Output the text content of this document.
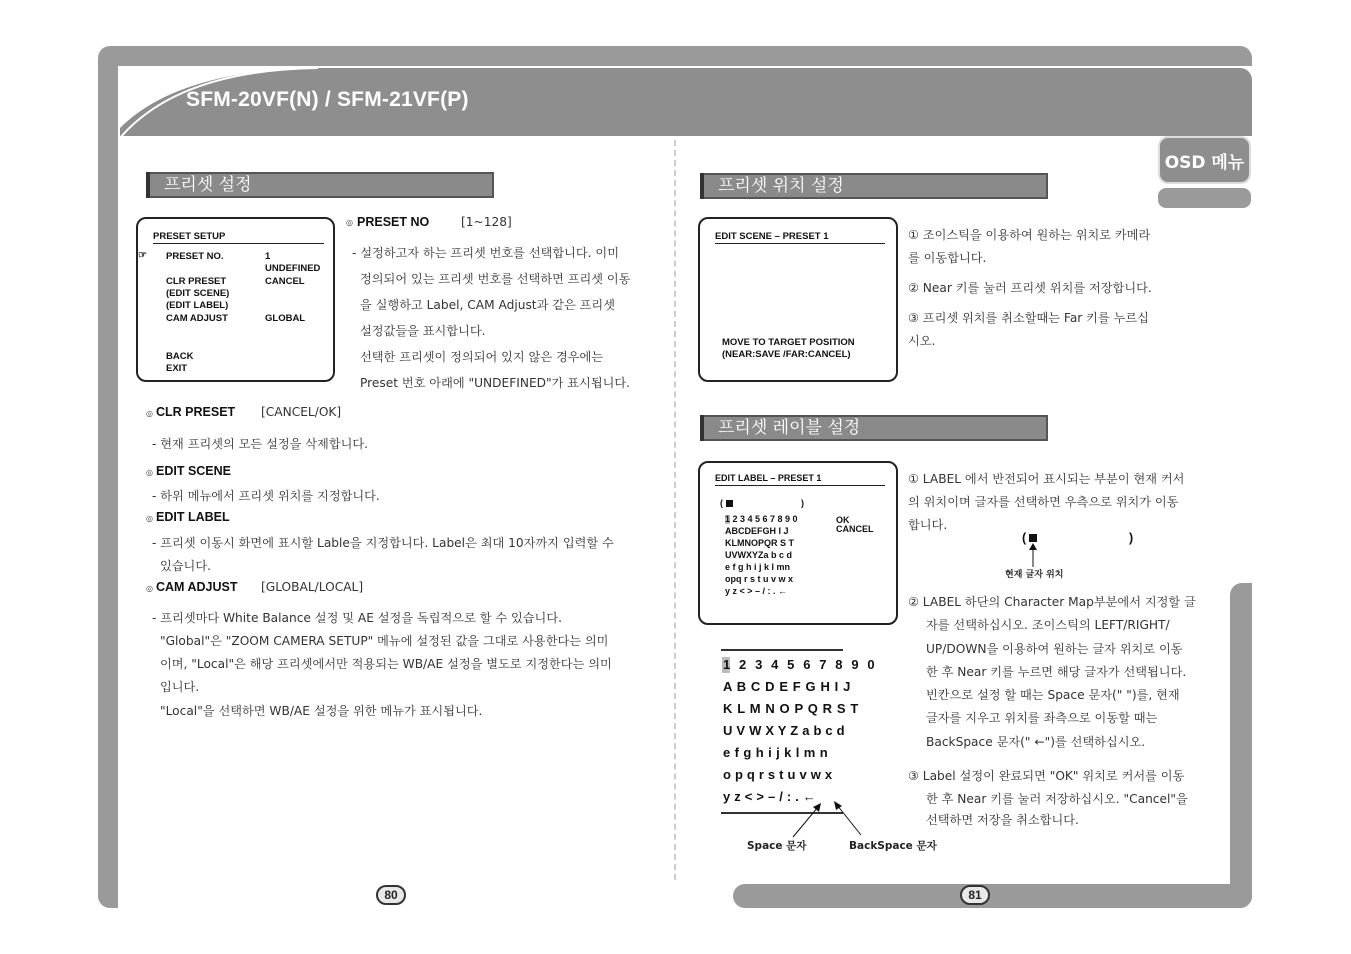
SFM-20VF(N) / SFM-21VF(P)
OSD 메뉴
프리셋 설정
PRESET SETUP
☞ PRESET NO.	1
UNDEFINED
CLR PRESET	CANCEL
(EDIT SCENE)
(EDIT LABEL)
CAM ADJUST	GLOBAL
BACK
EXIT
◎ PRESET NO	[1~128]
- 설정하고자 하는 프리셋 번호를 선택합니다. 이미
정의되어 있는 프리셋 번호를 선택하면 프리셋 이동
을 실행하고 Label, CAM Adjust과 같은 프리셋
설정값들을 표시합니다.
선택한 프리셋이 정의되어 있지 않은 경우에는
Preset 번호 아래에 "UNDEFINED"가 표시됩니다.
◎ CLR PRESET [CANCEL/OK]
- 현재 프리셋의 모든 설정을 삭제합니다.
◎ EDIT SCENE
- 하위 메뉴에서 프리셋 위치를 지정합니다.
◎ EDIT LABEL
- 프리셋 이동시 화면에 표시할 Lable을 지정합니다. Label은 최대 10자까지 입력할 수
있습니다.
◎ CAM ADJUST [GLOBAL/LOCAL]
- 프리셋마다 White Balance 설정 및 AE 설정을 독립적으로 할 수 있습니다.
"Global"은 "ZOOM CAMERA SETUP" 메뉴에 설정된 값을 그대로 사용한다는 의미
이며, "Local"은 해당 프리셋에서만 적용되는 WB/AE 설정을 별도로 지정한다는 의미
입니다.
"Local"을 선택하면 WB/AE 설정을 위한 메뉴가 표시됩니다.
80
프리셋 위치 설정
EDIT SCENE – PRESET 1
MOVE TO TARGET POSITION
(NEAR:SAVE /FAR:CANCEL)
① 조이스틱을 이용하여 원하는 위치로 카메라
를 이동합니다.
② Near 키를 눌러 프리셋 위치를 저장합니다.
③ 프리셋 위치를 취소할때는 Far 키를 누르십
시오.
프리셋 레이블 설정
EDIT LABEL – PRESET 1
(	)
1 2 3 4 5 6 7 8 9 0
ABCDEFGH I J
KLMNOPQR S T
UVWXYZa b c d
e f g h i j k l mn
opq r s t u v w x
y z < > – / : . ←
OK
CANCEL
① LABEL 에서 반전되어 표시되는 부분이 현재 커서
의 위치이며 글자를 선택하면 우측으로 위치가 이동
합니다.
(	)
현재 글자 위치
② LABEL 하단의 Character Map부분에서 지정할 글
자를 선택하십시오. 조이스틱의 LEFT/RIGHT/
UP/DOWN을 이용하여 원하는 글자 위치로 이동
한 후 Near 키를 누르면 해당 글자가 선택됩니다.
빈칸으로 설정 할 때는 Space 문자(" ")를, 현재
글자를 지우고 위치를 좌측으로 이동할 때는
BackSpace 문자(" ←")를 선택하십시오.
③ Label 설정이 완료되면 "OK" 위치로 커서를 이동
한 후 Near 키를 눌러 저장하십시오. "Cancel"을
선택하면 저장을 취소합니다.
1 2 3 4 5 6 7 8 9 0
A B C D E F G H I J
K L M N O P Q R S T
U V W X Y Z a b c d
e f g h i j k l m n
o p q r s t u v w x
y z < > – / : . ←
Space 문자	BackSpace 문자
81
